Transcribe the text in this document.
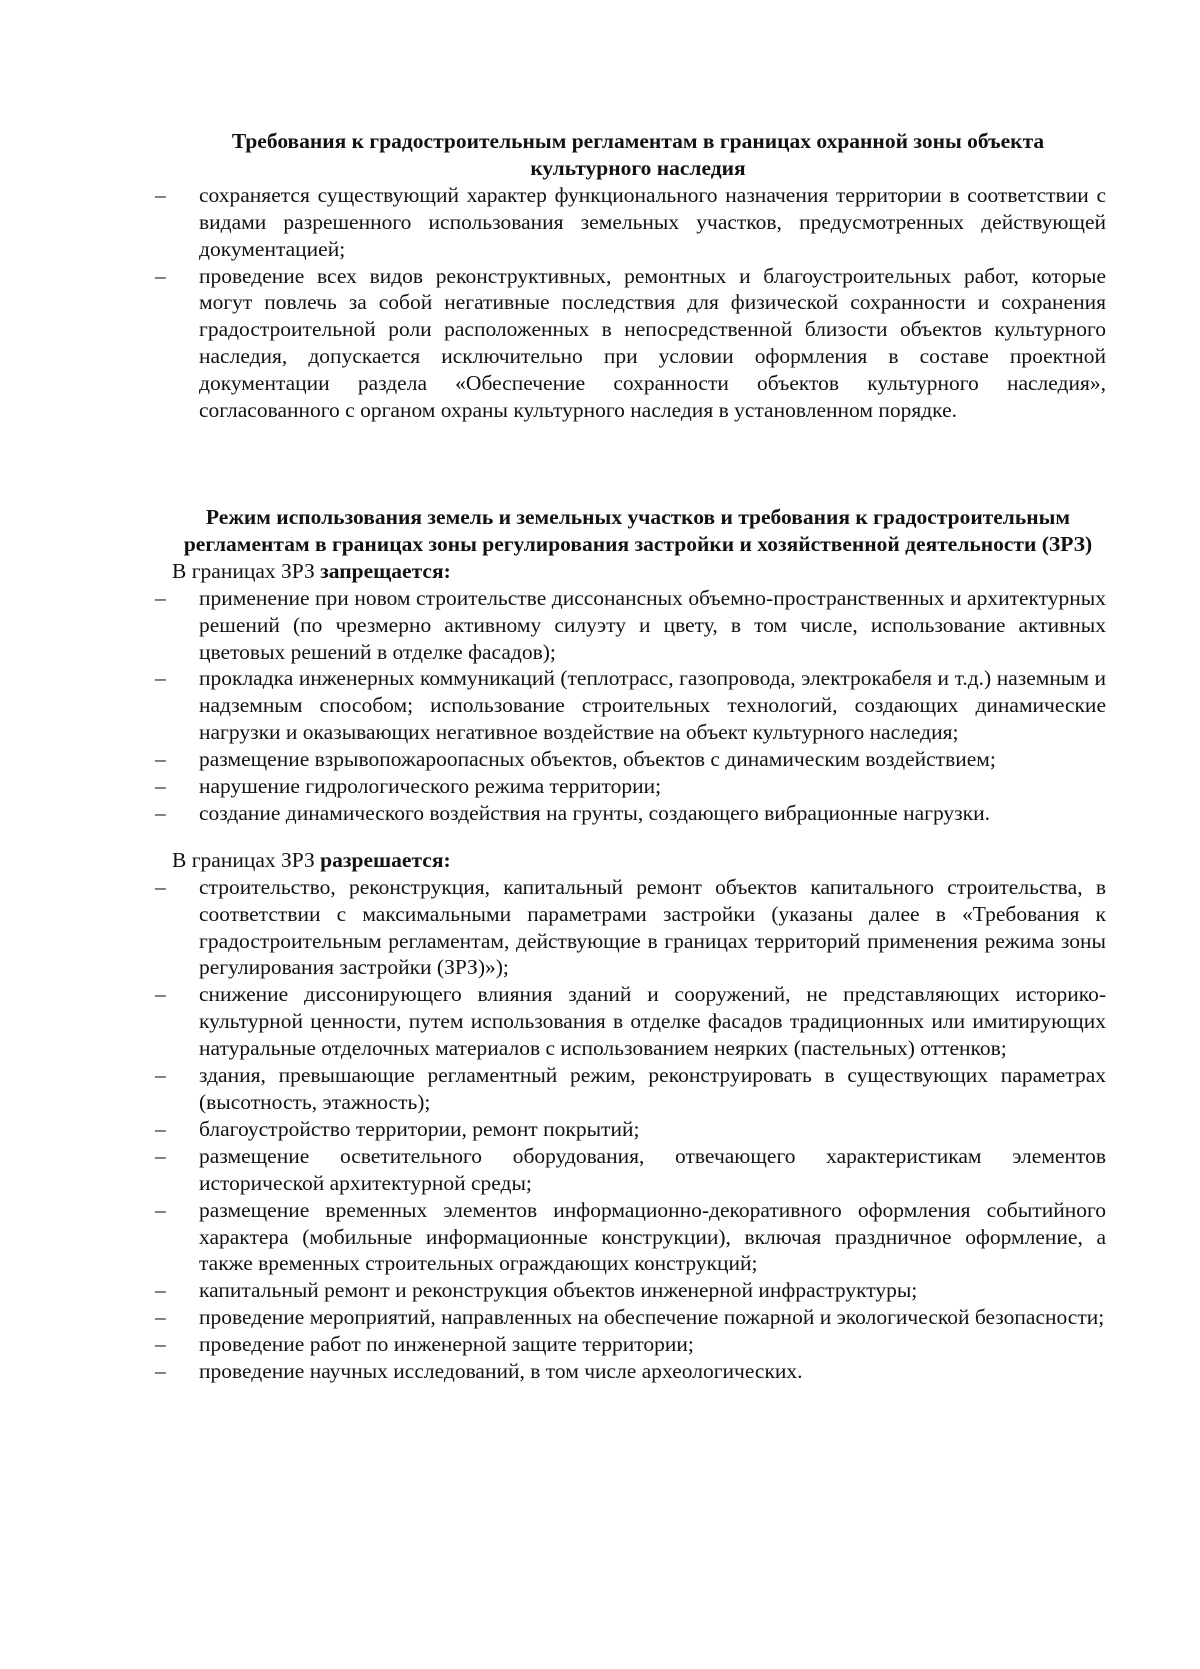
Требования к градостроительным регламентам в границах охранной зоны объекта культурного наследия

– сохраняется существующий характер функционального назначения территории в соответствии с видами разрешенного использования земельных участков, предусмотренных действующей документацией;
– проведение всех видов реконструктивных, ремонтных и благоустроительных работ, которые могут повлечь за собой негативные последствия для физической сохранности и сохранения градостроительной роли расположенных в непосредственной близости объектов культурного наследия, допускается исключительно при условии оформления в составе проектной документации раздела «Обеспечение сохранности объектов культурного наследия», согласованного с органом охраны культурного наследия в установленном порядке.

Режим использования земель и земельных участков и требования к градостроительным регламентам в границах зоны регулирования застройки и хозяйственной деятельности (ЗРЗ)

В границах ЗРЗ запрещается:

– применение при новом строительстве диссонансных объемно-пространственных и архитектурных решений (по чрезмерно активному силуэту и цвету, в том числе, использование активных цветовых решений в отделке фасадов);
– прокладка инженерных коммуникаций (теплотрасс, газопровода, электрокабеля и т.д.) наземным и надземным способом; использование строительных технологий, создающих динамические нагрузки и оказывающих негативное воздействие на объект культурного наследия;
– размещение взрывопожароопасных объектов, объектов с динамическим воздействием;
– нарушение гидрологического режима территории;
– создание динамического воздействия на грунты, создающего вибрационные нагрузки.

В границах ЗРЗ разрешается:

– строительство, реконструкция, капитальный ремонт объектов капитального строительства, в соответствии с максимальными параметрами застройки (указаны далее в «Требования к градостроительным регламентам, действующие в границах территорий применения режима зоны регулирования застройки (ЗРЗ)»);
– снижение диссонирующего влияния зданий и сооружений, не представляющих историко-культурной ценности, путем использования в отделке фасадов традиционных или имитирующих натуральные отделочных материалов с использованием неярких (пастельных) оттенков;
– здания, превышающие регламентный режим, реконструировать в существующих параметрах (высотность, этажность);
– благоустройство территории, ремонт покрытий;
– размещение осветительного оборудования, отвечающего характеристикам элементов исторической архитектурной среды;
– размещение временных элементов информационно-декоративного оформления событийного характера (мобильные информационные конструкции), включая праздничное оформление, а также временных строительных ограждающих конструкций;
– капитальный ремонт и реконструкция объектов инженерной инфраструктуры;
– проведение мероприятий, направленных на обеспечение пожарной и экологической безопасности;
– проведение работ по инженерной защите территории;
– проведение научных исследований, в том числе археологических.
